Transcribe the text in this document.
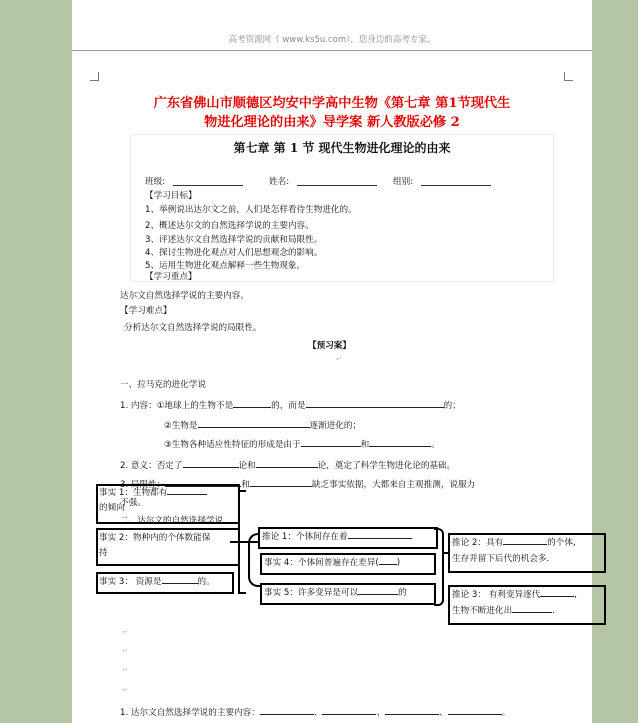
高考资源网（ www.ks5u.com），您身边的高考专家。
广东省佛山市顺德区均安中学高中生物《第七章 第1节现代生
物进化理论的由来》导学案 新人教版必修 2
第七章 第 1 节 现代生物进化理论的由来
班级:	姓名:	组别:
【学习目标】
1、举例说出达尔文之前，人们是怎样看待生物进化的。
2、概述达尔文的自然选择学说的主要内容。
3、评述达尔文自然选择学说的贡献和局限性。
4、探讨生物进化观点对人们思想观念的影响。
5、运用生物进化观点解释一些生物现象。
【学习重点】
达尔文自然选择学说的主要内容。
【学习难点】
分析达尔文自然选择学说的局限性。
【预习案】
↵
一、拉马克的进化学说
1. 内容：①地球上的生物不是	的，而是	的；
②生物是	逐渐进化的；
③生物各种适应性特征的形成是由于	和	。
2. 意义：否定了	论和	论，奠定了科学生物进化论的基础。
3. 局限性：	和	缺乏事实依据，大都来自主观推测，说服力
不强。
二、达尔文的自然选择学说
事实 1：生物都有
的倾向
事实 2：物种内的个体数能保
持
事实 3： 资源是	的。
推论 1：个体间存在着
事实 4：个体间普遍存在差异( )
事实 5：许多变异是可以	的
推论 2：具有	的个体,
生存并留下后代的机会多.
推论 3： 有利变异逐代	,
生物不断进化出	.
↵
↵
↵
↵
1. 达尔文自然选择学说的主要内容：	、	、	、	。
